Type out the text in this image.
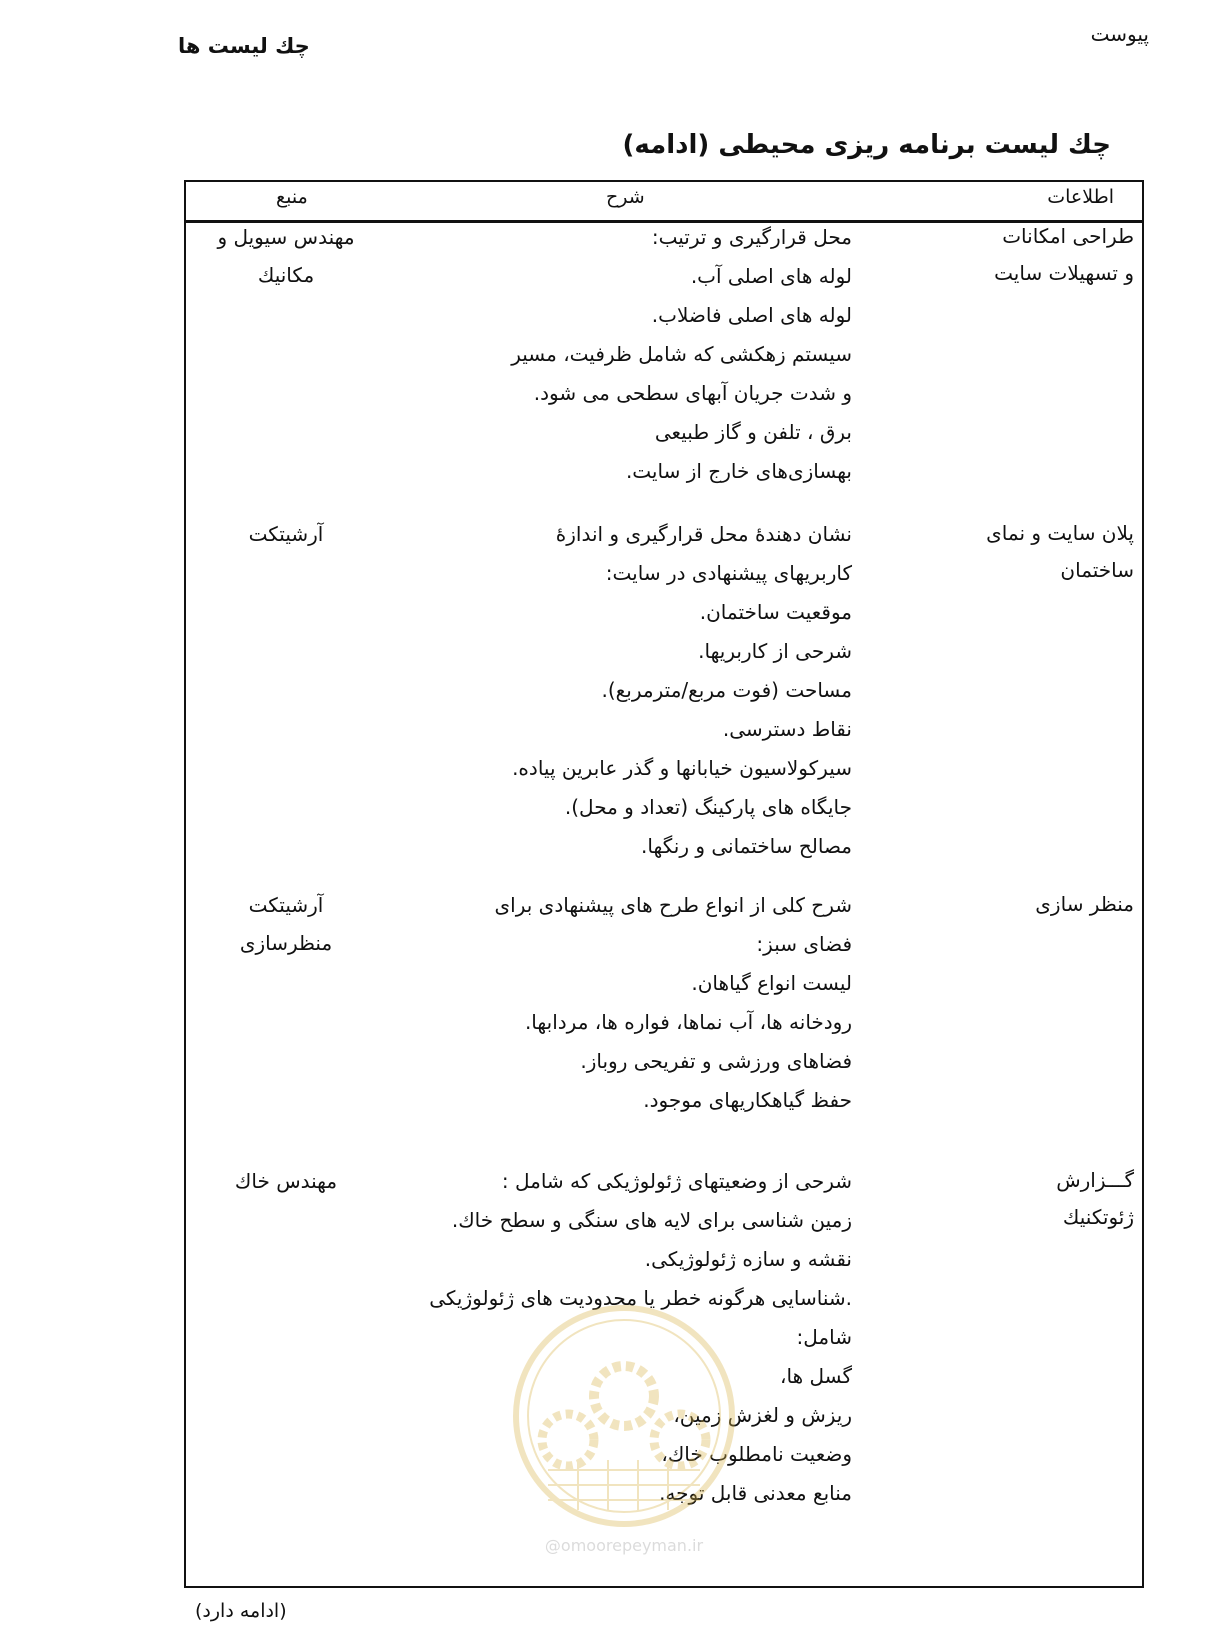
پیوست
چك لیست ها
چك لیست برنامه ریزی محیطی (ادامه)
اطلاعات
شرح
منبع
طراحی امکانات
و تسهیلات سایت
محل قرارگیری و ترتیب:
لوله های اصلی آب.
لوله های اصلی فاضلاب.
سیستم زهکشی که شامل ظرفیت، مسیر
و شدت جریان آبهای سطحی می شود.
برق ، تلفن و گاز طبیعی
بهسازی‌های خارج از سایت.
مهندس سیویل و
مکانیك
پلان سایت و نمای
ساختمان
نشان دهندهٔ محل قرارگیری و اندازهٔ
کاربریهای پیشنهادی در سایت:
موقعیت ساختمان.
شرحی از کاربریها.
مساحت (فوت مربع/مترمربع).
نقاط دسترسی.
سیرکولاسیون خیابانها و گذر عابرین پیاده.
جایگاه های پارکینگ (تعداد و محل).
مصالح ساختمانی و رنگها.
آرشیتکت
منظر سازی
شرح کلی از انواع طرح های پیشنهادی برای
فضای سبز:
لیست انواع گیاهان.
رودخانه ها، آب نماها، فواره ها، مردابها.
فضاهای ورزشی و تفریحی روباز.
حفظ گیاهکاریهای موجود.
آرشیتکت
منظرسازی
گـــزارش
ژئوتکنیك
شرحی از وضعیتهای ژئولوژیکی که شامل :
زمین شناسی برای لایه های سنگی و سطح خاك.
نقشه و سازه ژئولوژیکی.
.شناسایی هرگونه خطر یا محدودیت های ژئولوژیکی
شامل:
گسل ها،
ریزش و لغزش زمین،
وضعیت نامطلوب خاك،
منابع معدنی قابل توجه.
مهندس خاك
@omoorepeyman.ir
(ادامه دارد)
